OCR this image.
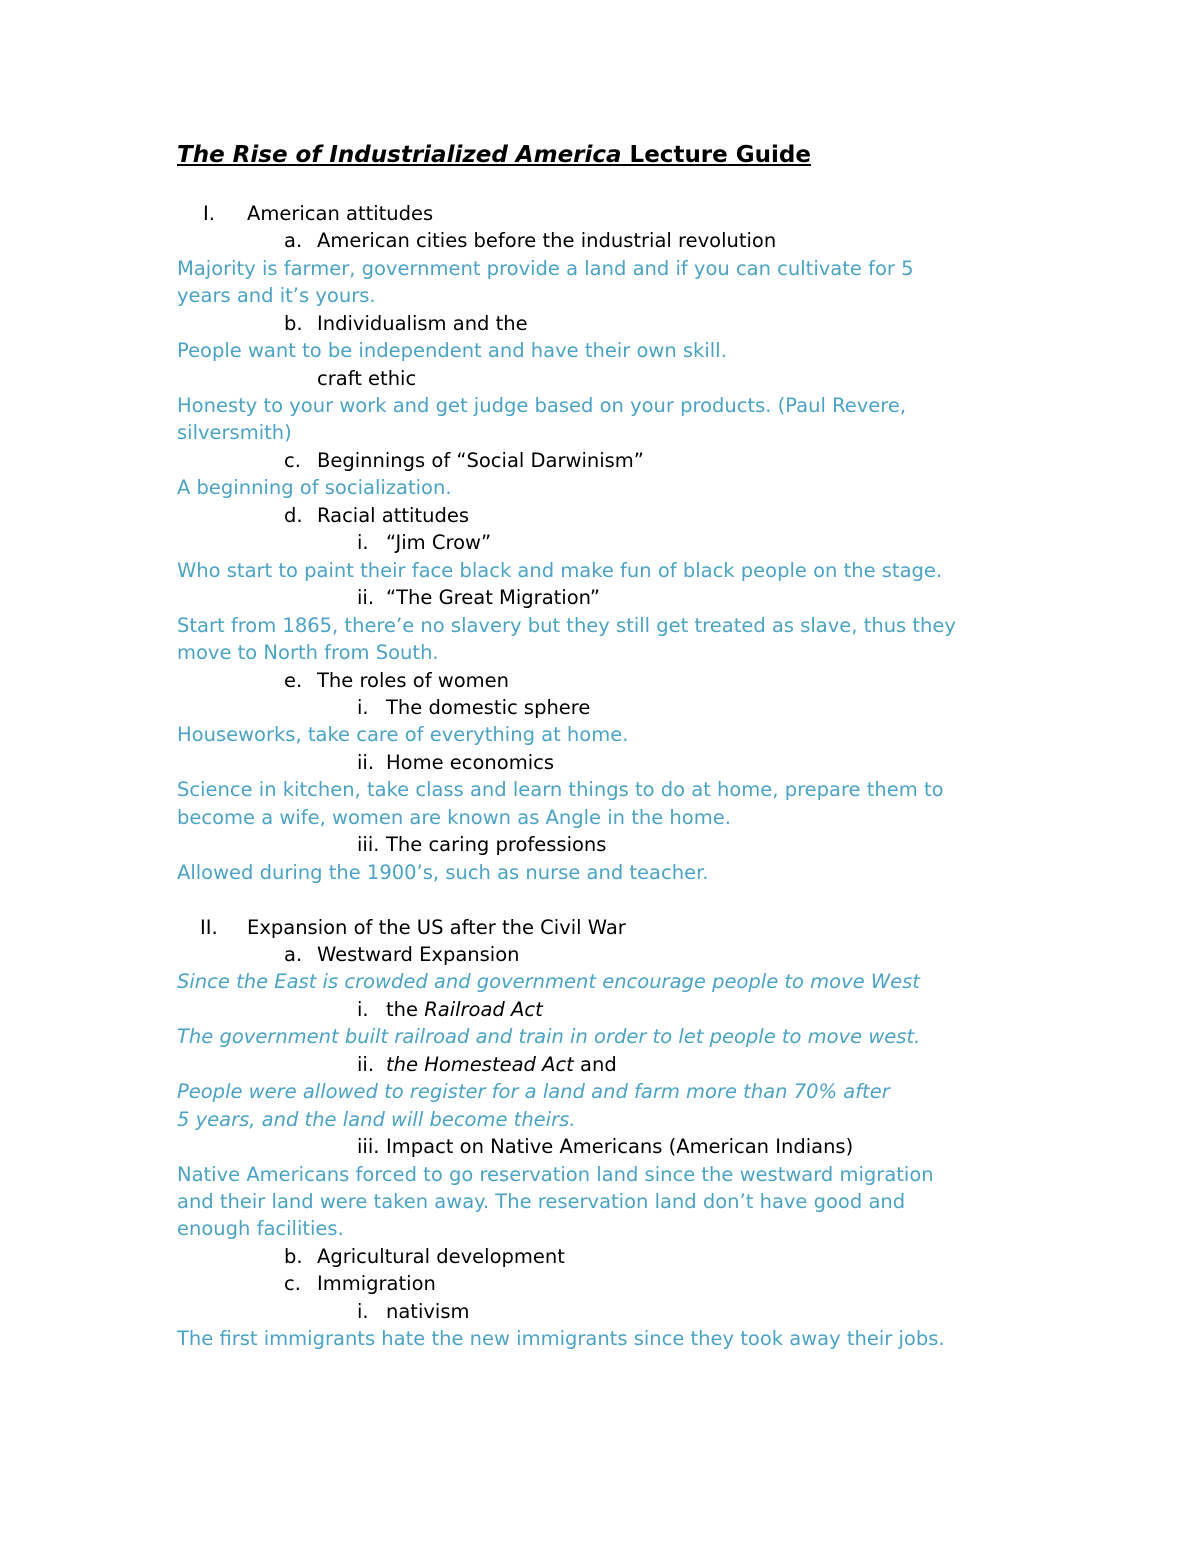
The Rise of Industrialized America Lecture Guide
I. American attitudes
a. American cities before the industrial revolution
Majority is farmer, government provide a land and if you can cultivate for 5
years and it’s yours.
b. Individualism and the
People want to be independent and have their own skill.
craft ethic
Honesty to your work and get judge based on your products. (Paul Revere,
silversmith)
c. Beginnings of “Social Darwinism”
A beginning of socialization.
d. Racial attitudes
i. “Jim Crow”
Who start to paint their face black and make fun of black people on the stage.
ii. “The Great Migration”
Start from 1865, there’e no slavery but they still get treated as slave, thus they
move to North from South.
e. The roles of women
i. The domestic sphere
Houseworks, take care of everything at home.
ii. Home economics
Science in kitchen, take class and learn things to do at home, prepare them to
become a wife, women are known as Angle in the home.
iii. The caring professions
Allowed during the 1900’s, such as nurse and teacher.
II. Expansion of the US after the Civil War
a. Westward Expansion
Since the East is crowded and government encourage people to move West
i. the Railroad Act
The government built railroad and train in order to let people to move west.
ii. the Homestead Act and
People were allowed to register for a land and farm more than 70% after
5 years, and the land will become theirs.
iii. Impact on Native Americans (American Indians)
Native Americans forced to go reservation land since the westward migration
and their land were taken away. The reservation land don’t have good and
enough facilities.
b. Agricultural development
c. Immigration
i. nativism
The first immigrants hate the new immigrants since they took away their jobs.
